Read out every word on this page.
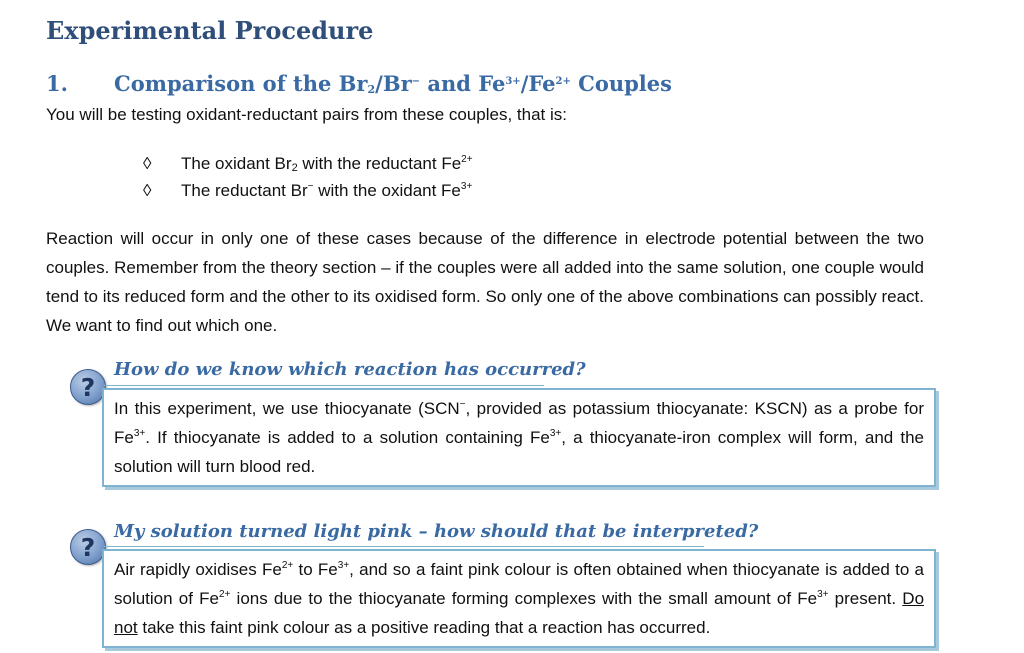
Experimental Procedure
1. Comparison of the $Br_2/Br^-$ and $Fe^{3+}/Fe^{2+}$ Couples
You will be testing oxidant-reductant pairs from these couples, that is:
◊	The oxidant $Br_2$ with the reductant $Fe^{2+}$
◊	The reductant Br− with the oxidant $Fe^{3+}$
Reaction will occur in only one of these cases because of the difference in electrode potential between the two couples. Remember from the theory section – if the couples were all added into the same solution, one couple would tend to its reduced form and the other to its oxidised form. So only one of the above combinations can possibly react. We want to find out which one.
?
How do we know which reaction has occurred?
In this experiment, we use thiocyanate (SCN−, provided as potassium thiocyanate: KSCN) as a probe for $Fe^{3+}$. If thiocyanate is added to a solution containing $Fe^{3+}$, a thiocyanate-iron complex will form, and the solution will turn blood red.
?
My solution turned light pink – how should that be interpreted?
Air rapidly oxidises $Fe^{2+}$ to $Fe^{3+}$, and so a faint pink colour is often obtained when thiocyanate is added to a solution of $Fe^{2+}$ ions due to the thiocyanate forming complexes with the small amount of $Fe^{3+}$ present. Do not take this faint pink colour as a positive reading that a reaction has occurred.
